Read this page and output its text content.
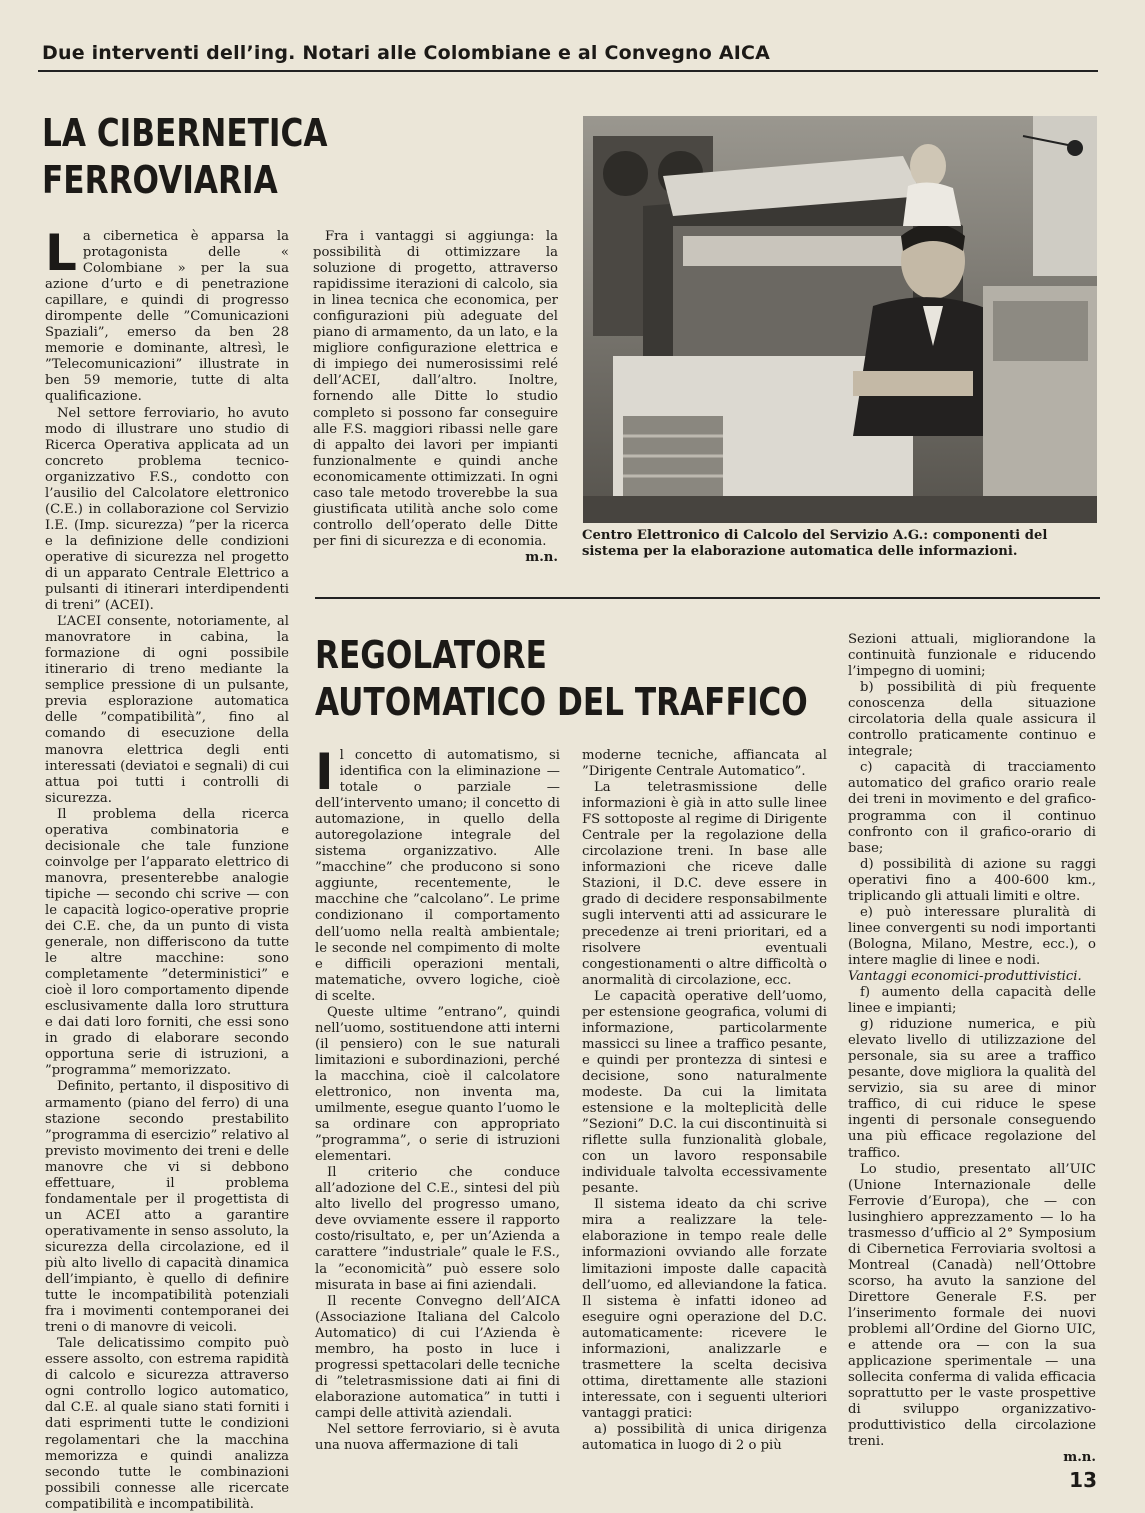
Due interventi dell’ing. Notari alle Colombiane e al Convegno AICA
LA CIBERNETICA
FERROVIARIA

La cibernetica è apparsa la protagonista delle « Colombiane » per la sua azione d’urto e di penetrazione capillare, e quindi di progresso dirompente delle ”Comunicazioni Spaziali”, emerso da ben 28 memorie e dominante, altresì, le ”Telecomunicazioni” illustrate in ben 59 memorie, tutte di alta qualificazione.

Nel settore ferroviario, ho avuto modo di illustrare uno studio di Ricerca Operativa applicata ad un concreto problema tecnico-organizzativo F.S., condotto con l’ausilio del Calcolatore elettronico (C.E.) in collaborazione col Servizio I.E. (Imp. sicurezza) ”per la ricerca e la definizione delle condizioni operative di sicurezza nel progetto di un apparato Centrale Elettrico a pulsanti di itinerari interdipendenti di treni” (ACEI).

L’ACEI consente, notoriamente, al manovratore in cabina, la formazione di ogni possibile itinerario di treno mediante la semplice pressione di un pulsante, previa esplorazione automatica delle ”compatibilità”, fino al comando di esecuzione della manovra elettrica degli enti interessati (deviatoi e segnali) di cui attua poi tutti i controlli di sicurezza.

Il problema della ricerca operativa combinatoria e decisionale che tale funzione coinvolge per l’apparato elettrico di manovra, presenterebbe analogie tipiche — secondo chi scrive — con le capacità logico-operative proprie dei C.E. che, da un punto di vista generale, non differiscono da tutte le altre macchine: sono completamente ”deterministici” e cioè il loro comportamento dipende esclusivamente dalla loro struttura e dai dati loro forniti, che essi sono in grado di elaborare secondo opportuna serie di istruzioni, a ”programma” memorizzato.

Definito, pertanto, il dispositivo di armamento (piano del ferro) di una stazione secondo prestabilito ”programma di esercizio” relativo al previsto movimento dei treni e delle manovre che vi si debbono effettuare, il problema fondamentale per il progettista di un ACEI atto a garantire operativamente in senso assoluto, la sicurezza della circolazione, ed il più alto livello di capacità dinamica dell’impianto, è quello di definire tutte le incompatibilità potenziali fra i movimenti contemporanei dei treni o di manovre di veicoli.

Tale delicatissimo compito può essere assolto, con estrema rapidità di calcolo e sicurezza attraverso ogni controllo logico automatico, dal C.E. al quale siano stati forniti i dati esprimenti tutte le condizioni regolamentari che la macchina memorizza e quindi analizza secondo tutte le combinazioni possibili connesse alle ricercate compatibilità e incompatibilità.

Fra i vantaggi si aggiunga: la possibilità di ottimizzare la soluzione di progetto, attraverso rapidissime iterazioni di calcolo, sia in linea tecnica che economica, per configurazioni più adeguate del piano di armamento, da un lato, e la migliore configurazione elettrica e di impiego dei numerosissimi relé dell’ACEI, dall’altro. Inoltre, fornendo alle Ditte lo studio completo si possono far conseguire alle F.S. maggiori ribassi nelle gare di appalto dei lavori per impianti funzionalmente e quindi anche economicamente ottimizzati. In ogni caso tale metodo troverebbe la sua giustificata utilità anche solo come controllo dell’operato delle Ditte per fini di sicurezza e di economia.

m.n.
Centro Elettronico di Calcolo del Servizio A.G.: componenti del sistema per la elaborazione automatica delle informazioni.
REGOLATORE
AUTOMATICO DEL TRAFFICO

Il concetto di automatismo, si identifica con la eliminazione — totale o parziale — dell’intervento umano; il concetto di automazione, in quello della autoregolazione integrale del sistema organizzativo. Alle ”macchine” che producono si sono aggiunte, recentemente, le macchine che ”calcolano”. Le prime condizionano il comportamento dell’uomo nella realtà ambientale; le seconde nel compimento di molte e difficili operazioni mentali, matematiche, ovvero logiche, cioè di scelte.

Queste ultime ”entrano”, quindi nell’uomo, sostituendone atti interni (il pensiero) con le sue naturali limitazioni e subordinazioni, perché la macchina, cioè il calcolatore elettronico, non inventa ma, umilmente, esegue quanto l’uomo le sa ordinare con appropriato ”programma”, o serie di istruzioni elementari.

Il criterio che conduce all’adozione del C.E., sintesi del più alto livello del progresso umano, deve ovviamente essere il rapporto costo/risultato, e, per un’Azienda a carattere ”industriale” quale le F.S., la ”economicità” può essere solo misurata in base ai fini aziendali.

Il recente Convegno dell’AICA (Associazione Italiana del Calcolo Automatico) di cui l’Azienda è membro, ha posto in luce i progressi spettacolari delle tecniche di ”teletrasmissione dati ai fini di elaborazione automatica” in tutti i campi delle attività aziendali.

Nel settore ferroviario, si è avuta una nuova affermazione di tali

moderne tecniche, affiancata al ”Dirigente Centrale Automatico”.

La teletrasmissione delle informazioni è già in atto sulle linee FS sottoposte al regime di Dirigente Centrale per la regolazione della circolazione treni. In base alle informazioni che riceve dalle Stazioni, il D.C. deve essere in grado di decidere responsabilmente sugli interventi atti ad assicurare le precedenze ai treni prioritari, ed a risolvere eventuali congestionamenti o altre difficoltà o anormalità di circolazione, ecc.

Le capacità operative dell’uomo, per estensione geografica, volumi di informazione, particolarmente massicci su linee a traffico pesante, e quindi per prontezza di sintesi e decisione, sono naturalmente modeste. Da cui la limitata estensione e la molteplicità delle ”Sezioni” D.C. la cui discontinuità si riflette sulla funzionalità globale, con un lavoro responsabile individuale talvolta eccessivamente pesante.

Il sistema ideato da chi scrive mira a realizzare la tele-elaborazione in tempo reale delle informazioni ovviando alle forzate limitazioni imposte dalle capacità dell’uomo, ed alleviandone la fatica. Il sistema è infatti idoneo ad eseguire ogni operazione del D.C. automaticamente: ricevere le informazioni, analizzarle e trasmettere la scelta decisiva ottima, direttamente alle stazioni interessate, con i seguenti ulteriori vantaggi pratici:

a) possibilità di unica dirigenza automatica in luogo di 2 o più

Sezioni attuali, migliorandone la continuità funzionale e riducendo l’impegno di uomini;

b) possibilità di più frequente conoscenza della situazione circolatoria della quale assicura il controllo praticamente continuo e integrale;

c) capacità di tracciamento automatico del grafico orario reale dei treni in movimento e del grafico-programma con il continuo confronto con il grafico-orario di base;

d) possibilità di azione su raggi operativi fino a 400-600 km., triplicando gli attuali limiti e oltre.

e) può interessare pluralità di linee convergenti su nodi importanti (Bologna, Milano, Mestre, ecc.), o intere maglie di linee e nodi.

Vantaggi economici-produttivistici.

f) aumento della capacità delle linee e impianti;

g) riduzione numerica, e più elevato livello di utilizzazione del personale, sia su aree a traffico pesante, dove migliora la qualità del servizio, sia su aree di minor traffico, di cui riduce le spese ingenti di personale conseguendo una più efficace regolazione del traffico.

Lo studio, presentato all’UIC (Unione Internazionale delle Ferrovie d’Europa), che — con lusinghiero apprezzamento — lo ha trasmesso d’ufficio al 2° Symposium di Cibernetica Ferroviaria svoltosi a Montreal (Canadà) nell’Ottobre scorso, ha avuto la sanzione del Direttore Generale F.S. per l’inserimento formale dei nuovi problemi all’Ordine del Giorno UIC, e attende ora — con la sua applicazione sperimentale — una sollecita conferma di valida efficacia soprattutto per le vaste prospettive di sviluppo organizzativo-produttivistico della circolazione treni.

m.n.
13
